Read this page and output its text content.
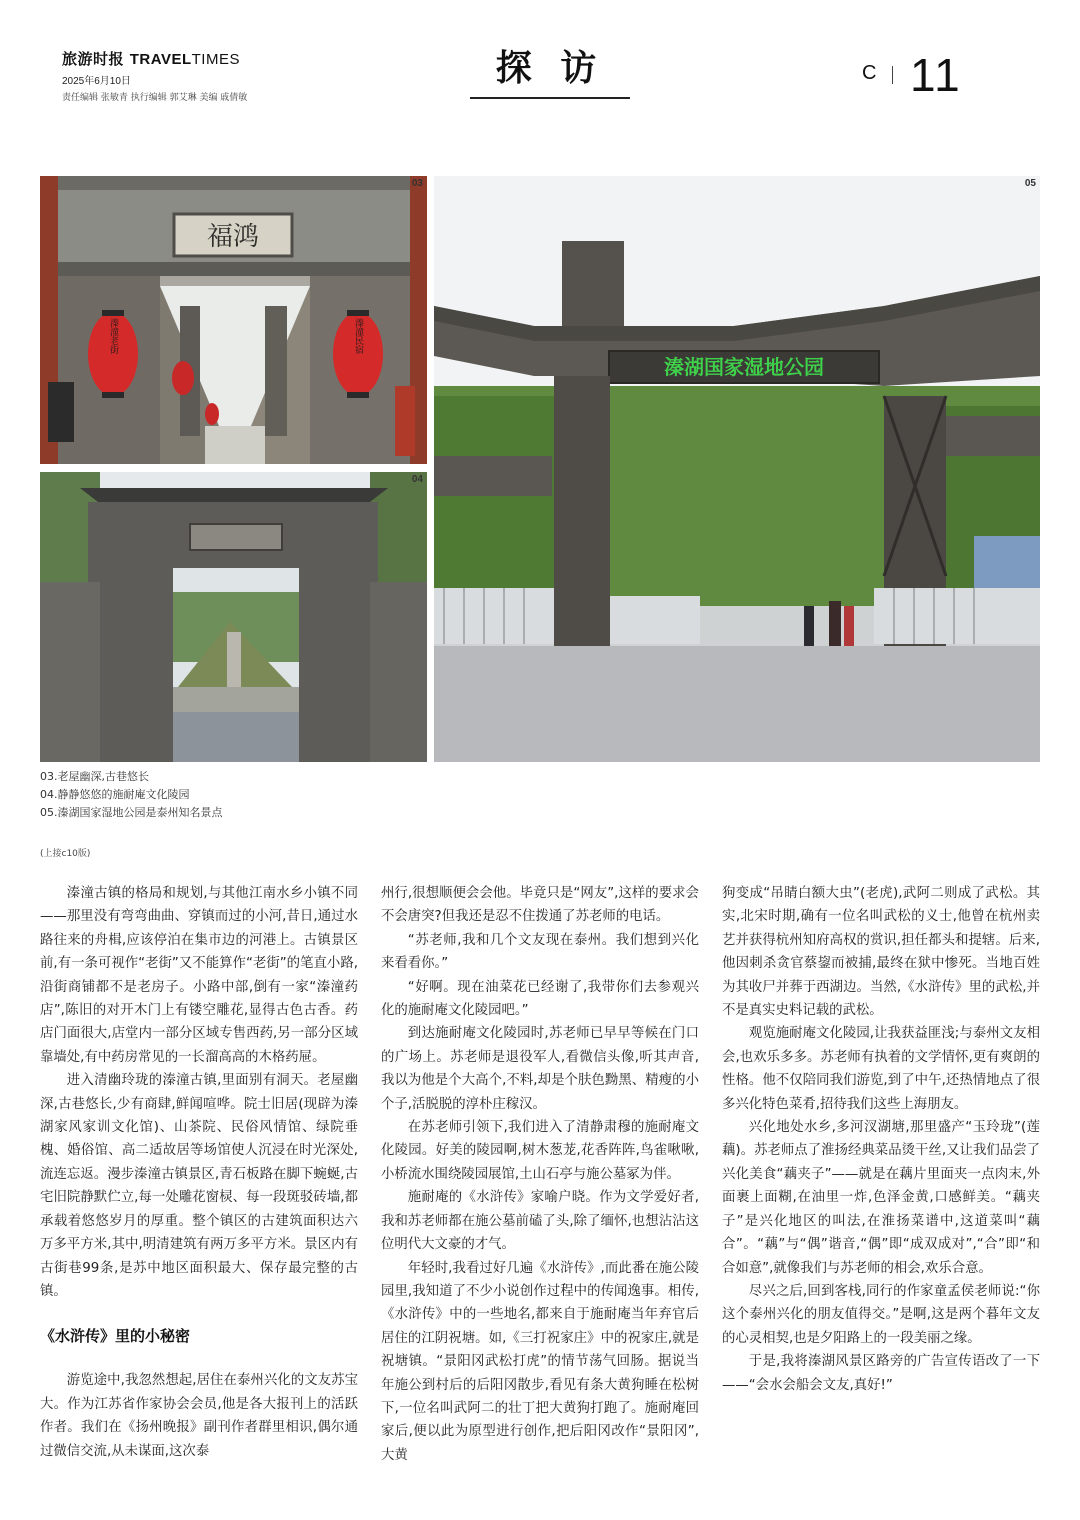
旅游时报 TRAVELTIMES
2025年6月10日
责任编辑 张敏青 执行编辑 郭艾琳 美编 戚倩敏
探 访	C 11
福鸿
溱潼老街	溱潼民宿
03
04
溱湖国家湿地公园
05
03.老屋幽深,古巷悠长
04.静静悠悠的施耐庵文化陵园
05.溱湖国家湿地公园是泰州知名景点
(上接c10版)

溱潼古镇的格局和规划,与其他江南水乡小镇不同——那里没有弯弯曲曲、穿镇而过的小河,昔日,通过水路往来的舟楫,应该停泊在集市边的河港上。古镇景区前,有一条可视作“老街”又不能算作“老街”的笔直小路,沿街商铺都不是老房子。小路中部,倒有一家“溱潼药店”,陈旧的对开木门上有镂空雕花,显得古色古香。药店门面很大,店堂内一部分区域专售西药,另一部分区域靠墙处,有中药房常见的一长溜高高的木格药屉。

进入清幽玲珑的溱潼古镇,里面别有洞天。老屋幽深,古巷悠长,少有商肆,鲜闻喧哗。院士旧居(现辟为溱湖家风家训文化馆)、山茶院、民俗风情馆、绿院垂槐、婚俗馆、高二适故居等场馆使人沉浸在时光深处,流连忘返。漫步溱潼古镇景区,青石板路在脚下蜿蜒,古宅旧院静默伫立,每一处雕花窗棂、每一段斑驳砖墙,都承载着悠悠岁月的厚重。整个镇区的古建筑面积达六万多平方米,其中,明清建筑有两万多平方米。景区内有古街巷99条,是苏中地区面积最大、保存最完整的古镇。

《水浒传》里的小秘密

游览途中,我忽然想起,居住在泰州兴化的文友苏宝大。作为江苏省作家协会会员,他是各大报刊上的活跃作者。我们在《扬州晚报》副刊作者群里相识,偶尔通过微信交流,从未谋面,这次泰

州行,很想顺便会会他。毕竟只是“网友”,这样的要求会不会唐突?但我还是忍不住拨通了苏老师的电话。

“苏老师,我和几个文友现在泰州。我们想到兴化来看看你。”

“好啊。现在油菜花已经谢了,我带你们去参观兴化的施耐庵文化陵园吧。”

到达施耐庵文化陵园时,苏老师已早早等候在门口的广场上。苏老师是退役军人,看微信头像,听其声音,我以为他是个大高个,不料,却是个肤色黝黑、精瘦的小个子,活脱脱的淳朴庄稼汉。

在苏老师引领下,我们进入了清静肃穆的施耐庵文化陵园。好美的陵园啊,树木葱茏,花香阵阵,鸟雀啾啾,小桥流水围绕陵园展馆,土山石亭与施公墓冢为伴。

施耐庵的《水浒传》家喻户晓。作为文学爱好者,我和苏老师都在施公墓前磕了头,除了缅怀,也想沾沾这位明代大文豪的才气。

年轻时,我看过好几遍《水浒传》,而此番在施公陵园里,我知道了不少小说创作过程中的传闻逸事。相传,《水浒传》中的一些地名,都来自于施耐庵当年弃官后居住的江阴祝塘。如,《三打祝家庄》中的祝家庄,就是祝塘镇。“景阳冈武松打虎”的情节荡气回肠。据说当年施公到村后的后阳冈散步,看见有条大黄狗睡在松树下,一位名叫武阿二的壮丁把大黄狗打跑了。施耐庵回家后,便以此为原型进行创作,把后阳冈改作“景阳冈”,大黄

狗变成“吊睛白额大虫”(老虎),武阿二则成了武松。其实,北宋时期,确有一位名叫武松的义士,他曾在杭州卖艺并获得杭州知府高权的赏识,担任都头和提辖。后来,他因刺杀贪官蔡鋆而被捕,最终在狱中惨死。当地百姓为其收尸并葬于西湖边。当然,《水浒传》里的武松,并不是真实史料记载的武松。

观览施耐庵文化陵园,让我获益匪浅;与泰州文友相会,也欢乐多多。苏老师有执着的文学情怀,更有爽朗的性格。他不仅陪同我们游览,到了中午,还热情地点了很多兴化特色菜肴,招待我们这些上海朋友。

兴化地处水乡,多河汊湖塘,那里盛产“玉玲珑”(莲藕)。苏老师点了淮扬经典菜品烫干丝,又让我们品尝了兴化美食“藕夹子”——就是在藕片里面夹一点肉末,外面裹上面糊,在油里一炸,色泽金黄,口感鲜美。“藕夹子”是兴化地区的叫法,在淮扬菜谱中,这道菜叫“藕合”。“藕”与“偶”谐音,“偶”即“成双成对”,“合”即“和合如意”,就像我们与苏老师的相会,欢乐合意。

尽兴之后,回到客栈,同行的作家童孟侯老师说:“你这个泰州兴化的朋友值得交。”是啊,这是两个暮年文友的心灵相契,也是夕阳路上的一段美丽之缘。

于是,我将溱湖风景区路旁的广告宣传语改了一下——“会水会船会文友,真好!”
